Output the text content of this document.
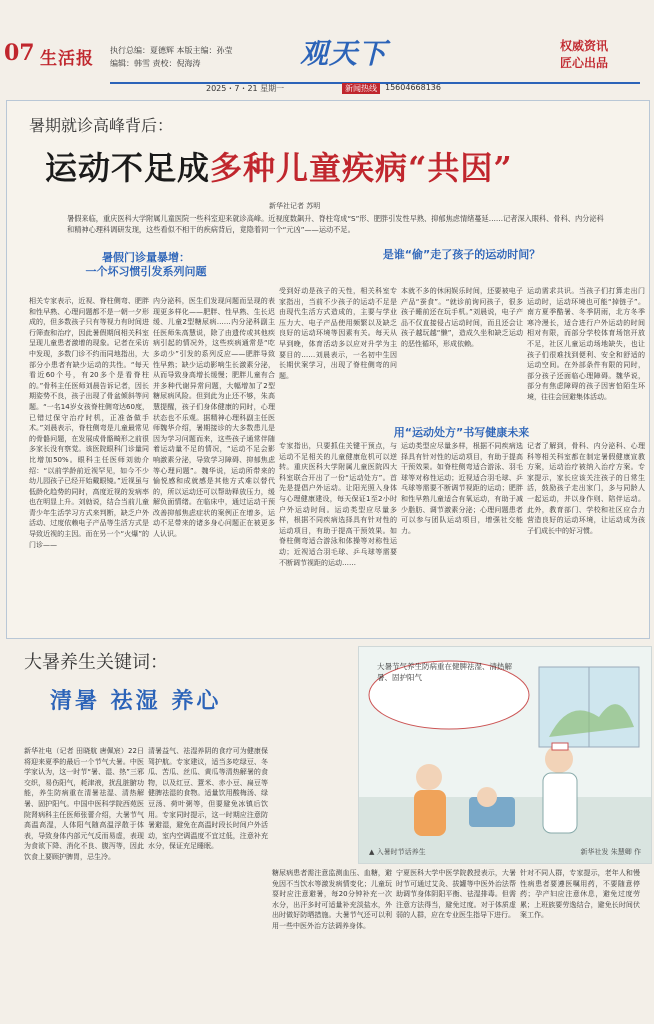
07 生活报 执行总编：夏德辉 本版主编：孙莹
编辑：韩雪 责校：倪海涛	观天下	权威资讯
匠心出品
2025・7・21 星期一	新闻热线	15604668136
暑期就诊高峰背后：
运动不足成多种儿童疾病“共因”
新华社记者 苏明
暑假来临，重庆医科大学附属儿童医院一些科室迎来就诊高峰。近视度数飙升、脊柱弯成“S”形、肥胖引发性早熟、抑郁焦虑情绪蔓延……记者深入眼科、骨科、内分泌科和精神心理科调研发现，这些看似不相干的疾病背后，竟隐着同一个“元凶”——运动不足。
暑假门诊量暴增：
一个坏习惯引发系列问题
是谁“偷”走了孩子的运动时间？
用“运动处方”书写健康未来
相关专家表示，近视、脊柱侧弯、肥胖和性早熟、心理问题都不是一朝一夕形成的，但多数孩子只有等视力有时间进行筛查和治疗，因此暑假期间相关科室呈现儿童患者激增的现象。记者在采访中发现，多数门诊不约而同地指出，大部分小患者有缺少运动的共性。“每天看近60个号，有20多个是看脊柱的。”骨科主任医师刘晨告诉记者，因长期姿势不良，孩子出现了骨盆倾斜等问题。“一名14岁女孩脊柱侧弯达60度，已错过保守治疗时机，正准备做手术。”刘晨表示，脊柱侧弯是儿童最常见的骨骼问题，在发展成骨骼畸形之前很多家长没有察觉。该医院眼科门诊量同比增加50%。眼科主任医师刘勍介绍：“以前学龄前近视罕见，如今不少幼儿园孩子已经开始戴眼镜。”近视虽与低龄化趋势的同时，高度近视的发病率也在明显上升。刘勍说，结合当前儿童青少年生活学习方式来判断，缺乏户外活动、过度依赖电子产品等生活方式是导致近视的主因。而在另一个“火爆”的门诊——
内分泌科，医生们发现问题而呈现的表现更多样化——肥胖、性早熟、生长迟缓、儿童2型糖尿病……内分泌科副主任医师朱高慧说，除了由遗传或其他疾病引起的情况外，这些疾病通常是“吃多动少”引发的系列反应——肥胖导致性早熟；缺少运动影响生长激素分泌，从而导致身高增长缓慢；肥胖儿童有合并多种代谢异常问题，大幅增加了2型糖尿病风险。但到此为止还不够，朱高慧提醒，孩子们身体健康的同时，心理状态也不乐观。据精神心理科副主任医师魏华介绍，暑期接诊的大多数患儿是因为学习问题而来，这些孩子通常伴随着运动量不足的情况，“运动不足会影响激素分泌，导致学习障碍、抑郁焦虑等心理问题”。魏华说，运动所带来的愉悦感和成就感是其他方式难以替代的，所以运动还可以帮助释放压力，缓解负面情绪。在临床中，通过运动干预改善抑郁焦虑症状的案例正在增多，运动不足带来的诸多身心问题正在被更多人认识。
受到好动是孩子的天性，相关科室专家指出，当前不少孩子的运动不足是由现代生活方式造成的，主要与学业压力大、电子产品使用频繁以及缺乏良好的运动环境等因素有关。每天从早到晚，体育活动多以应对升学为主要目的……刘晨表示，一名初中生因长期伏案学习，出现了脊柱侧弯的问题。
本就不多的休闲娱乐时间，还要被电子产品“蚕食”。“就诊前询问孩子，很多孩子睡前还在玩手机。”刘晨说，电子产品不仅直接侵占运动时间，而且还会让孩子越玩越“懒”，造成久坐和缺乏运动的恶性循环，形成依赖。
运动需求共识。当孩子们打算走出门运动时，运动环境也可能“掉链子”。南方夏季酷暑、冬季阴雨，北方冬季寒冷漫长，适合进行户外运动的时间相对有限，而部分学校体育场馆开放不足，社区儿童运动场地缺失，也让孩子们很难找到便利、安全和舒适的运动空间。在外部条件有限的同时，部分孩子还面临心理障碍。魏华说，部分有焦虑障碍的孩子因害怕陌生环境，往往会回避集体活动。
专家指出，只要抓住关键干预点，与运动不足相关的儿童健康危机可以逆转。重庆医科大学附属儿童医院四大科室联合开出了一份“运动处方”。首先是提倡户外运动。让阳光照入身体与心理健康建设，每天保证1至2小时户外运动时间。运动类型应尽量多样，根据不同疾病选择具有针对性的运动项目，有助于提高干预效果。如脊柱侧弯适合游泳和体操等对称性运动；近视适合羽毛球、乒乓球等需要不断调节视距的运动……
运动类型应尽量多样，根据不同疾病选择具有针对性的运动项目，有助于提高干预效果。如脊柱侧弯适合游泳、羽毛球等对称性运动；近视适合羽毛球、乒乓球等需要不断调节视距的运动；肥胖和性早熟儿童适合有氧运动，有助于减少脂肪、调节激素分泌；心理问题患者可以参与团队运动项目，增强社交能力。
记者了解到，骨科、内分泌科、心理科等相关科室都在制定暑假健康宣教方案，运动治疗被纳入治疗方案。专家提示，家长应该关注孩子的日常生活，鼓励孩子走出家门，多与同龄人一起运动，并以身作则、陪伴运动。此外，教育部门、学校和社区应合力营造良好的运动环境，让运动成为孩子们成长中的好习惯。
大暑养生关键词：
清暑 祛湿 养心
大暑节气养生防病重在健脾祛湿、清热解暑、固护阳气
▲ 入暑时节话养生	新华社发 朱慧卿 作
新华社电（记者 田晓航 唐佩宸）22日将迎来夏季的最后一个节气大暑。中医学家认为，这一时节“暑、湿、热”三邪交织，易伤阳气，耗津液，扰乱脏腑功能，养生防病重在清暑祛湿、清热解暑、固护阳气。中国中医科学院西苑医院肾病科主任医师张蕾介绍，大暑节气高温高湿，人体阳气随高温浮散于体表，导致身体内部元气反而易虚，表现为食欲下降、消化不良、腹泻等，因此饮食上要顾护脾胃，忌生冷。
清暑益气、祛湿养阴的食疗可为健康保驾护航。专家建议，适当多吃绿豆、冬瓜、苦瓜、丝瓜、黄瓜等清热解暑的食物，以及红豆、薏米、赤小豆、扁豆等健脾祛湿的食物。适量饮用酸梅汤、绿豆汤、荷叶粥等，但要避免冰镇后饮用。专家同时提示，这一时期应注意防暑避湿，避免在高温时段长时间户外活动，室内空调温度不宜过低，注意补充水分，保证充足睡眠。
糖尿病患者需注意监测血压、血糖，避免因不当饮水等激发病情变化；儿童玩耍时应注意避暑，每20分钟补充一次水分，出汗多时可适量补充淡盐水，外出时做好防晒措施。大暑节气还可以利用一些中医外治方法调养身体。
宁夏医科大学中医学院教授表示，大暑时节可通过艾灸、拔罐等中医外治法帮助调节身体阴阳平衡、祛湿排毒。但需注意方法得当，避免过度。对于体质虚弱的人群，应在专业医生指导下进行。
针对不同人群，专家提示，老年人和慢性病患者要遵医嘱用药，不要随意停药；孕产妇应注意休息，避免过度劳累；上班族要劳逸结合，避免长时间伏案工作。
